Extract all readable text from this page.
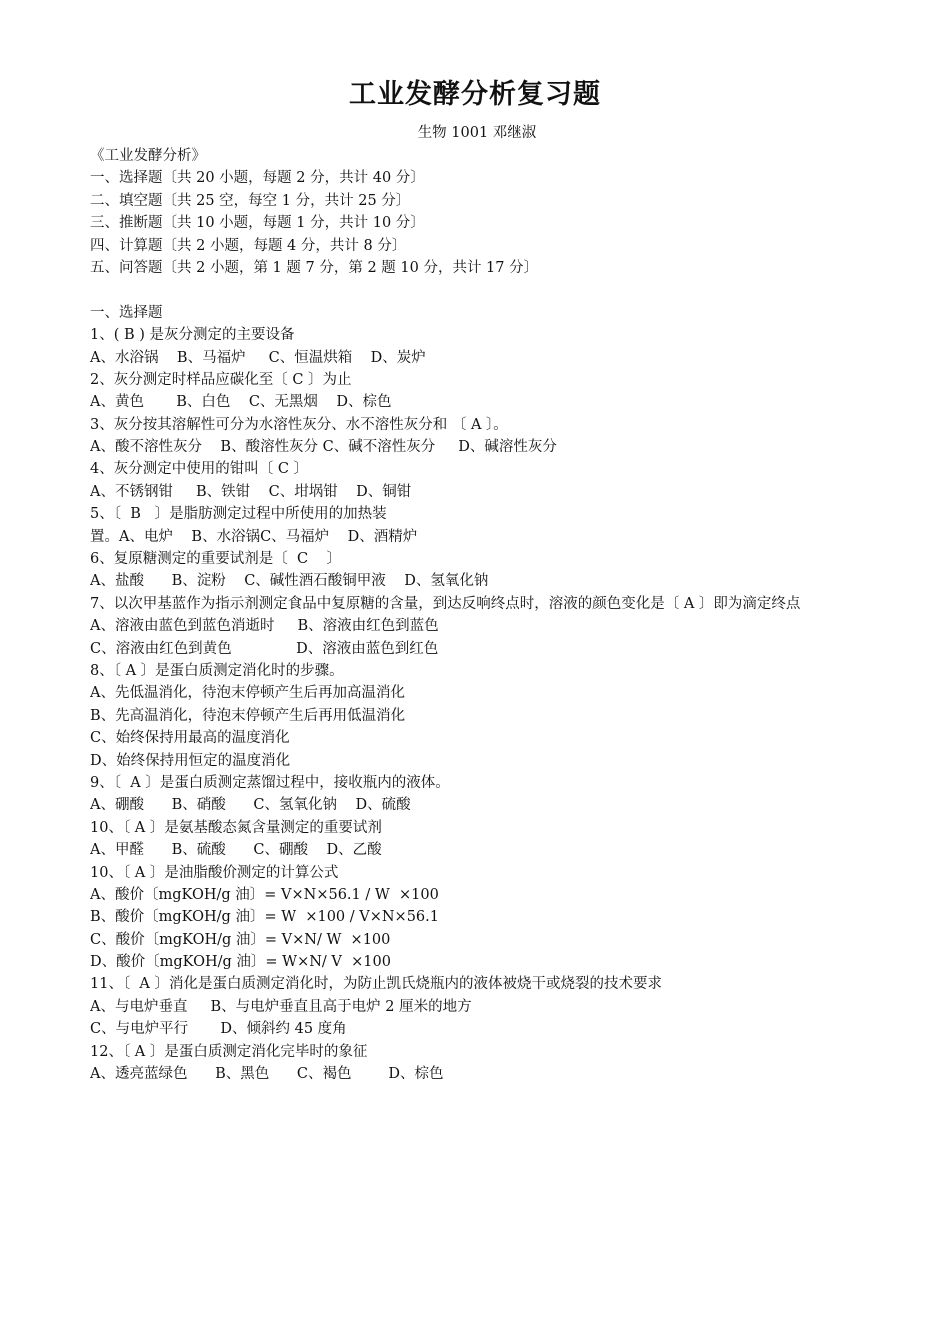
工业发酵分析复习题
生物 1001 邓继淑
《工业发酵分析》
一、选择题〔共 20 小题，每题 2 分，共计 40 分〕
二、填空题〔共 25 空，每空 1 分，共计 25 分〕
三、推断题〔共 10 小题，每题 1 分，共计 10 分〕
四、计算题〔共 2 小题，每题 4 分，共计 8 分〕
五、问答题〔共 2 小题，第 1 题 7 分，第 2 题 10 分，共计 17 分〕
一、选择题
1、( B ) 是灰分测定的主要设备
A、水浴锅    B、马福炉     C、恒温烘箱    D、炭炉
2、灰分测定时样品应碳化至〔 C 〕为止
A、黄色       B、白色    C、无黑烟    D、棕色
3、灰分按其溶解性可分为水溶性灰分、水不溶性灰分和 〔 A 〕。
A、酸不溶性灰分    B、酸溶性灰分 C、碱不溶性灰分     D、碱溶性灰分
4、灰分测定中使用的钳叫〔 C 〕
A、不锈钢钳     B、铁钳    C、坩埚钳    D、铜钳
5、〔  B   〕是脂肪测定过程中所使用的加热装
置。A、电炉    B、水浴锅C、马福炉    D、酒精炉
6、复原糖测定的重要试剂是〔  C    〕
A、盐酸      B、淀粉    C、碱性酒石酸铜甲液    D、氢氧化钠
7、以次甲基蓝作为指示剂测定食品中复原糖的含量，到达反响终点时，溶液的颜色变化是〔 A 〕即为滴定终点
A、溶液由蓝色到蓝色消逝时     B、溶液由红色到蓝色
C、溶液由红色到黄色              D、溶液由蓝色到红色
8、〔 A 〕是蛋白质测定消化时的步骤。
A、先低温消化，待泡末停顿产生后再加高温消化
B、先高温消化，待泡末停顿产生后再用低温消化
C、始终保持用最高的温度消化
D、始终保持用恒定的温度消化
9、〔  A 〕是蛋白质测定蒸馏过程中，接收瓶内的液体。
A、硼酸      B、硝酸      C、氢氧化钠    D、硫酸
10、〔 A 〕是氨基酸态氮含量测定的重要试剂
A、甲醛      B、硫酸      C、硼酸    D、乙酸
10、〔 A 〕是油脂酸价测定的计算公式
A、酸价〔mgKOH/g 油〕= V×N×56.1 / W  ×100
B、酸价〔mgKOH/g 油〕= W  ×100 / V×N×56.1
C、酸价〔mgKOH/g 油〕= V×N/ W  ×100
D、酸价〔mgKOH/g 油〕= W×N/ V  ×100
11、〔  A 〕消化是蛋白质测定消化时，为防止凯氏烧瓶内的液体被烧干或烧裂的技术要求
A、与电炉垂直     B、与电炉垂直且高于电炉 2 厘米的地方
C、与电炉平行       D、倾斜约 45 度角
12、〔 A 〕是蛋白质测定消化完毕时的象征
A、透亮蓝绿色      B、黑色      C、褐色        D、棕色
